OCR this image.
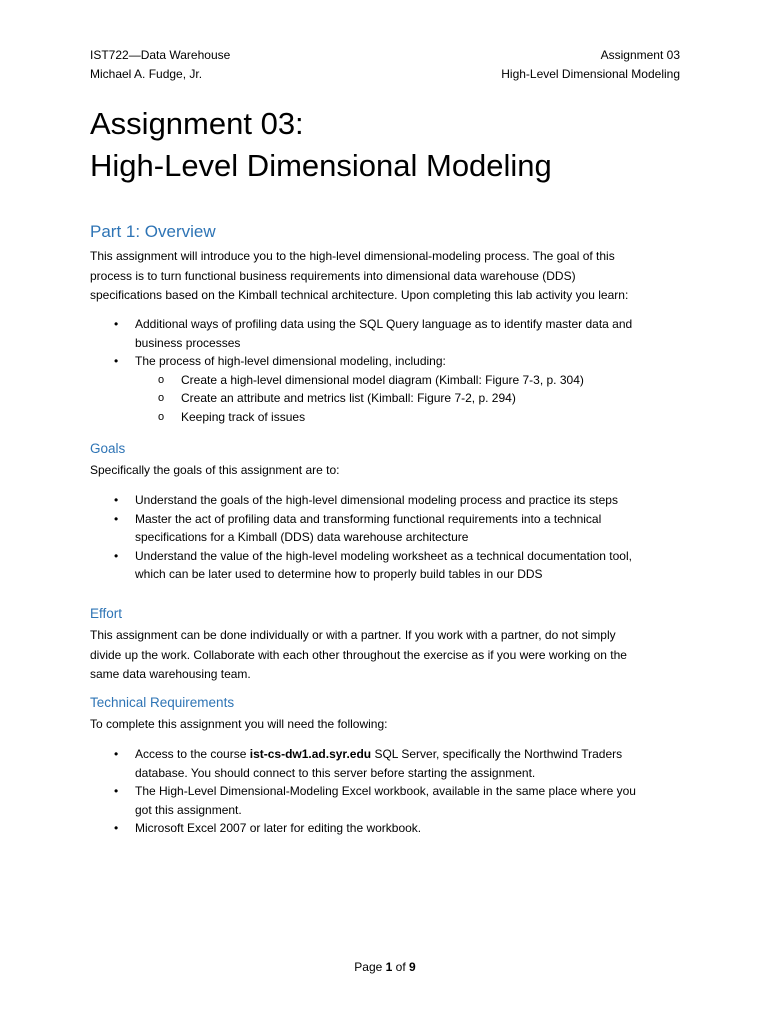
IST722—Data Warehouse
Michael A. Fudge, Jr.
Assignment 03
High-Level Dimensional Modeling
Assignment 03:
High-Level Dimensional Modeling
Part 1: Overview
This assignment will introduce you to the high-level dimensional-modeling process. The goal of this
process is to turn functional business requirements into dimensional data warehouse (DDS)
specifications based on the Kimball technical architecture. Upon completing this lab activity you learn:
• Additional ways of profiling data using the SQL Query language as to identify master data and
business processes
• The process of high-level dimensional modeling, including:
o Create a high-level dimensional model diagram (Kimball: Figure 7-3, p. 304)
o Create an attribute and metrics list (Kimball: Figure 7-2, p. 294)
o Keeping track of issues
Goals
Specifically the goals of this assignment are to:
• Understand the goals of the high-level dimensional modeling process and practice its steps
• Master the act of profiling data and transforming functional requirements into a technical
specifications for a Kimball (DDS) data warehouse architecture
• Understand the value of the high-level modeling worksheet as a technical documentation tool,
which can be later used to determine how to properly build tables in our DDS
Effort
This assignment can be done individually or with a partner. If you work with a partner, do not simply
divide up the work. Collaborate with each other throughout the exercise as if you were working on the
same data warehousing team.
Technical Requirements
To complete this assignment you will need the following:
• Access to the course ist-cs-dw1.ad.syr.edu SQL Server, specifically the Northwind Traders
database. You should connect to this server before starting the assignment.
• The High-Level Dimensional-Modeling Excel workbook, available in the same place where you
got this assignment.
• Microsoft Excel 2007 or later for editing the workbook.
Page 1 of 9
